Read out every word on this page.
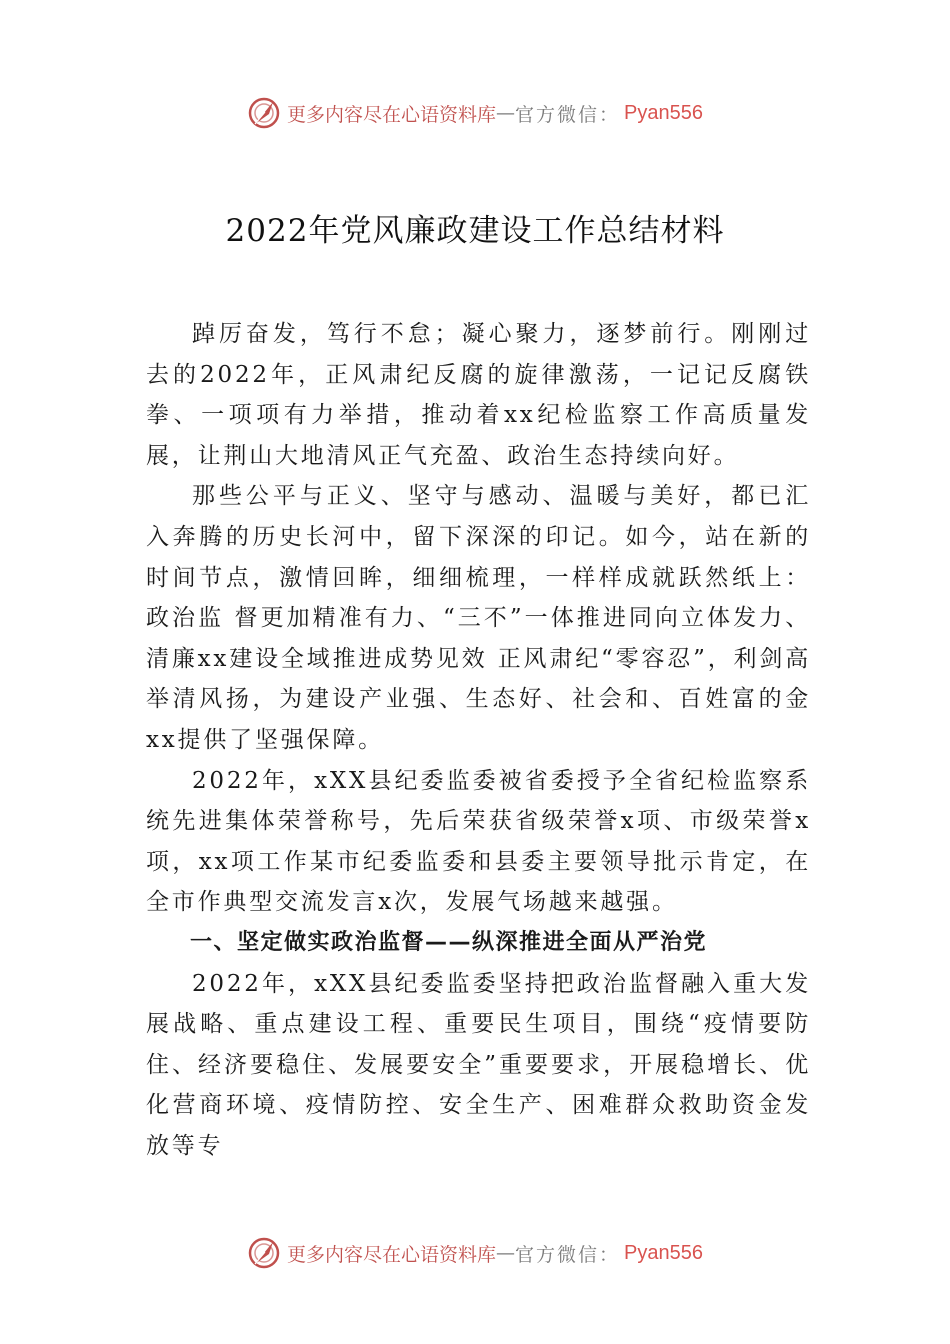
更多内容尽在心语资料库 — 官方微信： Pyan556
2022年党风廉政建设工作总结材料

踔厉奋发，笃行不怠；凝心聚力，逐梦前行。刚刚过去的2022年，正风肃纪反腐的旋律激荡，一记记反腐铁拳、一项项有力举措，推动着xx纪检监察工作高质量发展，让荆山大地清风正气充盈、政治生态持续向好。

那些公平与正义、坚守与感动、温暖与美好，都已汇入奔腾的历史长河中，留下深深的印记。如今，站在新的时间节点，激情回眸，细细梳理，一样样成就跃然纸上：政治监 督更加精准有力、“三不”一体推进同向立体发力、清廉xx建设全域推进成势见效 正风肃纪“零容忍”，利剑高举清风扬，为建设产业强、生态好、社会和、百姓富的金xx提供了坚强保障。

2022年，xXX县纪委监委被省委授予全省纪检监察系统先进集体荣誉称号，先后荣获省级荣誉x项、市级荣誉x项，xx项工作某市纪委监委和县委主要领导批示肯定，在全市作典型交流发言x次，发展气场越来越强。

一、坚定做实政治监督——纵深推进全面从严治党

2022年，xXX县纪委监委坚持把政治监督融入重大发展战略、重点建设工程、重要民生项目，围绕“疫情要防住、经济要稳住、发展要安全”重要要求，开展稳增长、优化营商环境、疫情防控、安全生产、困难群众救助资金发放等专

更多内容尽在心语资料库 — 官方微信： Pyan556
